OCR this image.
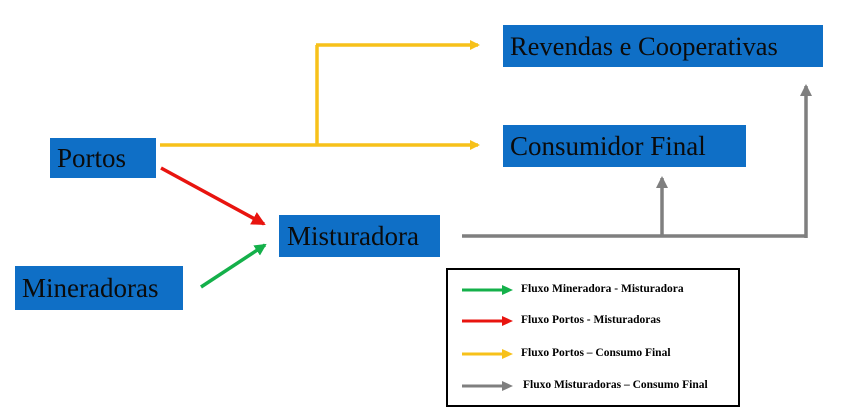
Portos
Mineradoras
Misturadora
Revendas e Cooperativas
Consumidor Final
Fluxo Mineradora - Misturadora
Fluxo Portos - Misturadoras
Fluxo Portos – Consumo Final
Fluxo Misturadoras – Consumo Final
